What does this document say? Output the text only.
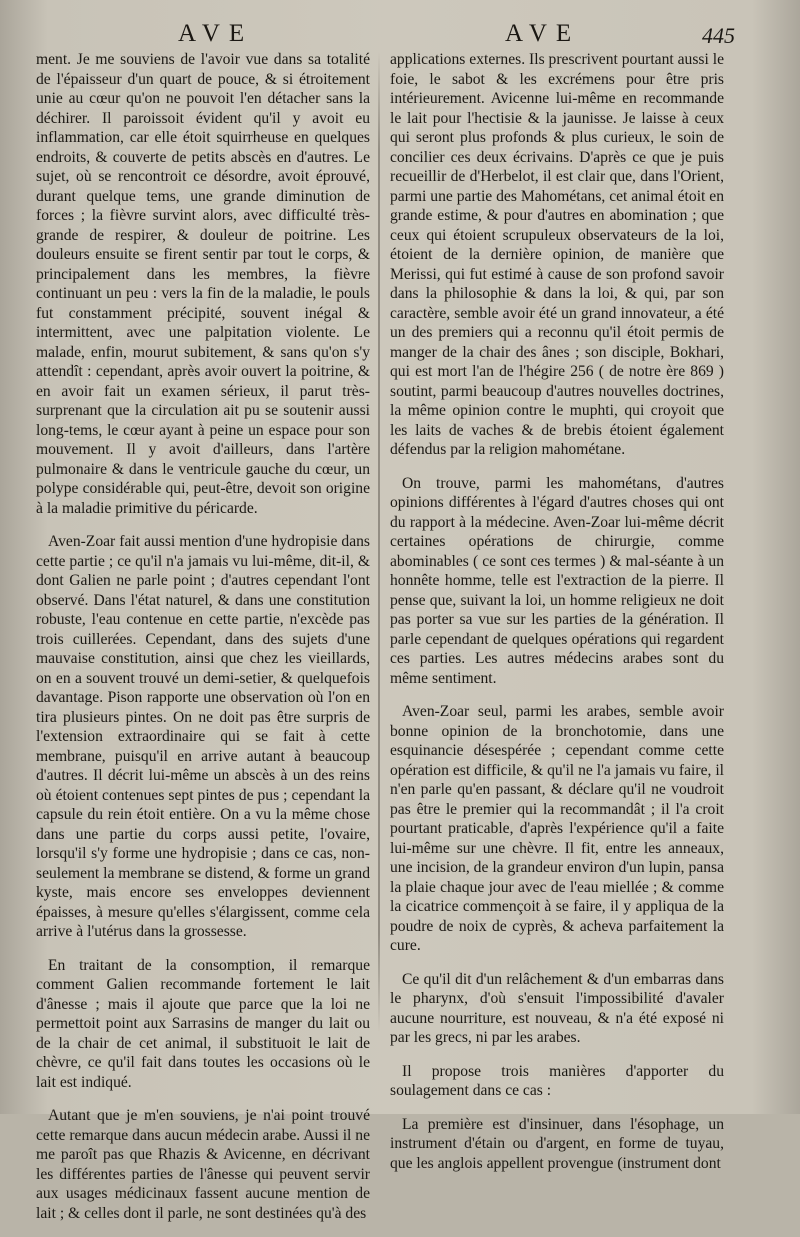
AVE	AVE	445

ment. Je me souviens de l'avoir vue dans sa totalité de l'épaisseur d'un quart de pouce, & si étroitement unie au cœur qu'on ne pouvoit l'en détacher sans la déchirer. Il paroissoit évident qu'il y avoit eu inflammation, car elle étoit squirrheuse en quelques endroits, & couverte de petits abscès en d'autres. Le sujet, où se rencontroit ce désordre, avoit éprouvé, durant quelque tems, une grande diminution de forces ; la fièvre survint alors, avec difficulté très-grande de respirer, & douleur de poitrine. Les douleurs ensuite se firent sentir par tout le corps, & principalement dans les membres, la fièvre continuant un peu : vers la fin de la maladie, le pouls fut constamment précipité, souvent inégal & intermittent, avec une palpitation violente. Le malade, enfin, mourut subitement, & sans qu'on s'y attendît : cependant, après avoir ouvert la poitrine, & en avoir fait un examen sérieux, il parut très-surprenant que la circulation ait pu se soutenir aussi long-tems, le cœur ayant à peine un espace pour son mouvement. Il y avoit d'ailleurs, dans l'artère pulmonaire & dans le ventricule gauche du cœur, un polype considérable qui, peut-être, devoit son origine à la maladie primitive du péricarde.

Aven-Zoar fait aussi mention d'une hydropisie dans cette partie ; ce qu'il n'a jamais vu lui-même, dit-il, & dont Galien ne parle point ; d'autres cependant l'ont observé. Dans l'état naturel, & dans une constitution robuste, l'eau contenue en cette partie, n'excède pas trois cuillerées. Cependant, dans des sujets d'une mauvaise constitution, ainsi que chez les vieillards, on en a souvent trouvé un demi-setier, & quelquefois davantage. Pison rapporte une observation où l'on en tira plusieurs pintes. On ne doit pas être surpris de l'extension extraordinaire qui se fait à cette membrane, puisqu'il en arrive autant à beaucoup d'autres. Il décrit lui-même un abscès à un des reins où étoient contenues sept pintes de pus ; cependant la capsule du rein étoit entière. On a vu la même chose dans une partie du corps aussi petite, l'ovaire, lorsqu'il s'y forme une hydropisie ; dans ce cas, non-seulement la membrane se distend, & forme un grand kyste, mais encore ses enveloppes deviennent épaisses, à mesure qu'elles s'élargissent, comme cela arrive à l'utérus dans la grossesse.

En traitant de la consomption, il remarque comment Galien recommande fortement le lait d'ânesse ; mais il ajoute que parce que la loi ne permettoit point aux Sarrasins de manger du lait ou de la chair de cet animal, il substituoit le lait de chèvre, ce qu'il fait dans toutes les occasions où le lait est indiqué.

Autant que je m'en souviens, je n'ai point trouvé cette remarque dans aucun médecin arabe. Aussi il ne me paroît pas que Rhazis & Avicenne, en décrivant les différentes parties de l'ânesse qui peuvent servir aux usages médicinaux fassent aucune mention de lait ; & celles dont il parle, ne sont destinées qu'à des

applications externes. Ils prescrivent pourtant aussi le foie, le sabot & les excrémens pour être pris intérieurement. Avicenne lui-même en recommande le lait pour l'hectisie & la jaunisse. Je laisse à ceux qui seront plus profonds & plus curieux, le soin de concilier ces deux écrivains. D'après ce que je puis recueillir de d'Herbelot, il est clair que, dans l'Orient, parmi une partie des Mahométans, cet animal étoit en grande estime, & pour d'autres en abomination ; que ceux qui étoient scrupuleux observateurs de la loi, étoient de la dernière opinion, de manière que Merissi, qui fut estimé à cause de son profond savoir dans la philosophie & dans la loi, & qui, par son caractère, semble avoir été un grand innovateur, a été un des premiers qui a reconnu qu'il étoit permis de manger de la chair des ânes ; son disciple, Bokhari, qui est mort l'an de l'hégire 256 ( de notre ère 869 ) soutint, parmi beaucoup d'autres nouvelles doctrines, la même opinion contre le muphti, qui croyoit que les laits de vaches & de brebis étoient également défendus par la religion mahométane.

On trouve, parmi les mahométans, d'autres opinions différentes à l'égard d'autres choses qui ont du rapport à la médecine. Aven-Zoar lui-même décrit certaines opérations de chirurgie, comme abominables ( ce sont ces termes ) & mal-séante à un honnête homme, telle est l'extraction de la pierre. Il pense que, suivant la loi, un homme religieux ne doit pas porter sa vue sur les parties de la génération. Il parle cependant de quelques opérations qui regardent ces parties. Les autres médecins arabes sont du même sentiment.

Aven-Zoar seul, parmi les arabes, semble avoir bonne opinion de la bronchotomie, dans une esquinancie désespérée ; cependant comme cette opération est difficile, & qu'il ne l'a jamais vu faire, il n'en parle qu'en passant, & déclare qu'il ne voudroit pas être le premier qui la recommandât ; il l'a croit pourtant praticable, d'après l'expérience qu'il a faite lui-même sur une chèvre. Il fit, entre les anneaux, une incision, de la grandeur environ d'un lupin, pansa la plaie chaque jour avec de l'eau miellée ; & comme la cicatrice commençoit à se faire, il y appliqua de la poudre de noix de cyprès, & acheva parfaitement la cure.

Ce qu'il dit d'un relâchement & d'un embarras dans le pharynx, d'où s'ensuit l'impossibilité d'avaler aucune nourriture, est nouveau, & n'a été exposé ni par les grecs, ni par les arabes.

Il propose trois manières d'apporter du soulagement dans ce cas :

La première est d'insinuer, dans l'ésophage, un instrument d'étain ou d'argent, en forme de tuyau, que les anglois appellent provengue (instrument dont
